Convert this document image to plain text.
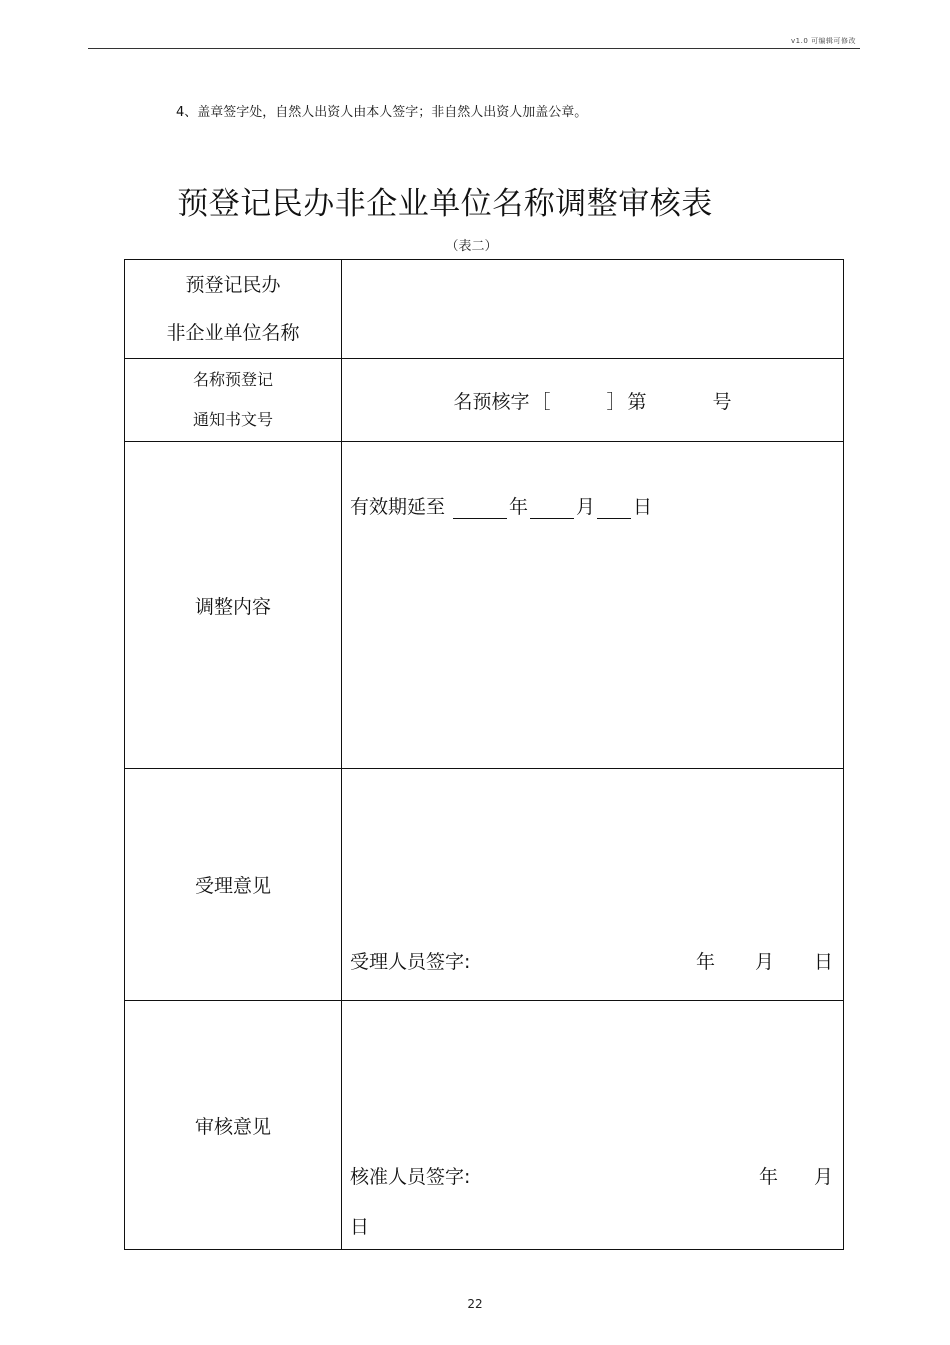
v1.0 可编辑可修改
4、盖章签字处，自然人出资人由本人签字；非自然人出资人加盖公章。
预登记民办非企业单位名称调整审核表
（表二）
预登记民办
非企业单位名称	

名称预登记
通知书文号	名预核字 ［ ］ 第 号

调整内容	有效期延至 年 月 日

受理意见	受理人员签字: 年 月 日

审核意见	核准人员签字: 年 月
日
22
